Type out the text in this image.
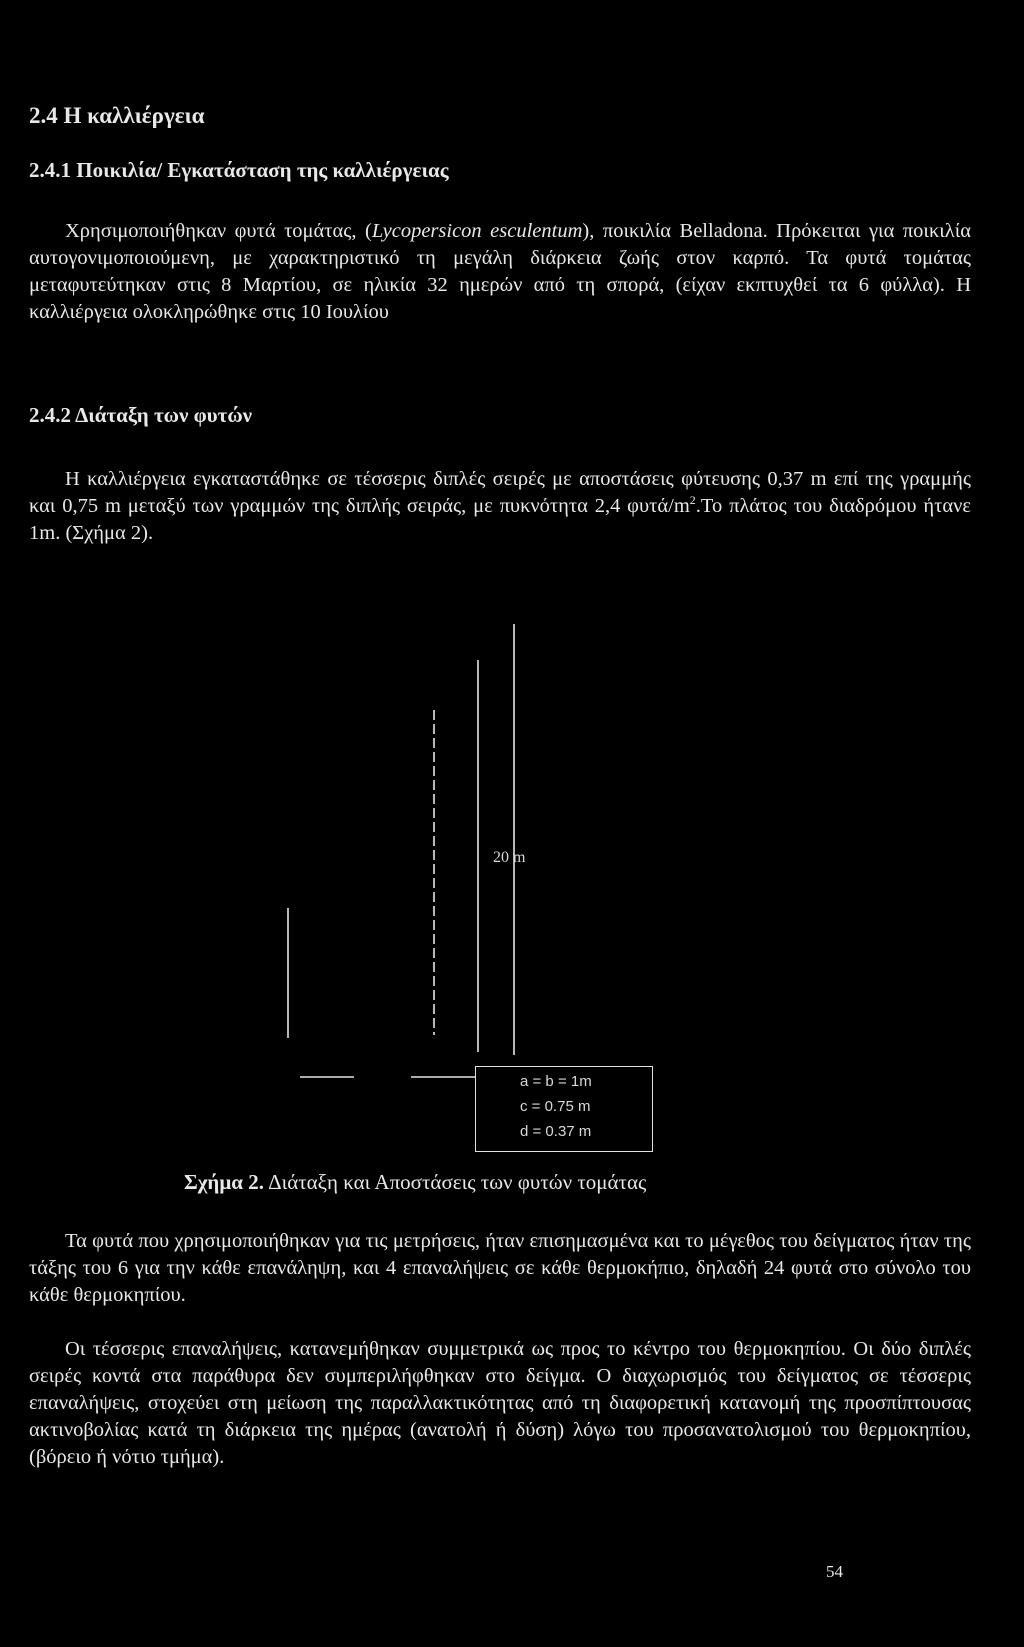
2.4 Η καλλιέργεια
2.4.1 Ποικιλία/ Εγκατάσταση της καλλιέργειας
Χρησιμοποιήθηκαν φυτά τομάτας, (Lycopersicon esculentum), ποικιλία Belladona. Πρόκειται για ποικιλία αυτογονιμοποιούμενη, με χαρακτηριστικό τη μεγάλη διάρκεια ζωής στον καρπό. Τα φυτά τομάτας μεταφυτεύτηκαν στις 8 Μαρτίου, σε ηλικία 32 ημερών από τη σπορά, (είχαν εκπτυχθεί τα 6 φύλλα). Η καλλιέργεια ολοκληρώθηκε στις 10 Ιουλίου
2.4.2 Διάταξη των φυτών
Η καλλιέργεια εγκαταστάθηκε σε τέσσερις διπλές σειρές με αποστάσεις φύτευσης 0,37 m επί της γραμμής και 0,75 m μεταξύ των γραμμών της διπλής σειράς, με πυκνότητα 2,4 φυτά/$m^2.To$ πλάτος του διαδρόμου ήτανε 1m. (Σχήμα 2).
20 m
a = b = 1m
c = 0.75 m
d = 0.37 m
Σχήμα 2. Διάταξη και Αποστάσεις των φυτών τομάτας
Τα φυτά που χρησιμοποιήθηκαν για τις μετρήσεις, ήταν επισημασμένα και το μέγεθος του δείγματος ήταν της τάξης του 6 για την κάθε επανάληψη, και 4 επαναλήψεις σε κάθε θερμοκήπιο, δηλαδή 24 φυτά στο σύνολο του κάθε θερμοκηπίου.
Οι τέσσερις επαναλήψεις, κατανεμήθηκαν συμμετρικά ως προς το κέντρο του θερμοκηπίου. Οι δύο διπλές σειρές κοντά στα παράθυρα δεν συμπεριλήφθηκαν στο δείγμα. Ο διαχωρισμός του δείγματος σε τέσσερις επαναλήψεις, στοχεύει στη μείωση της παραλλακτικότητας από τη διαφορετική κατανομή της προσπίπτουσας ακτινοβολίας κατά τη διάρκεια της ημέρας (ανατολή ή δύση) λόγω του προσανατολισμού του θερμοκηπίου, (βόρειο ή νότιο τμήμα).
54
